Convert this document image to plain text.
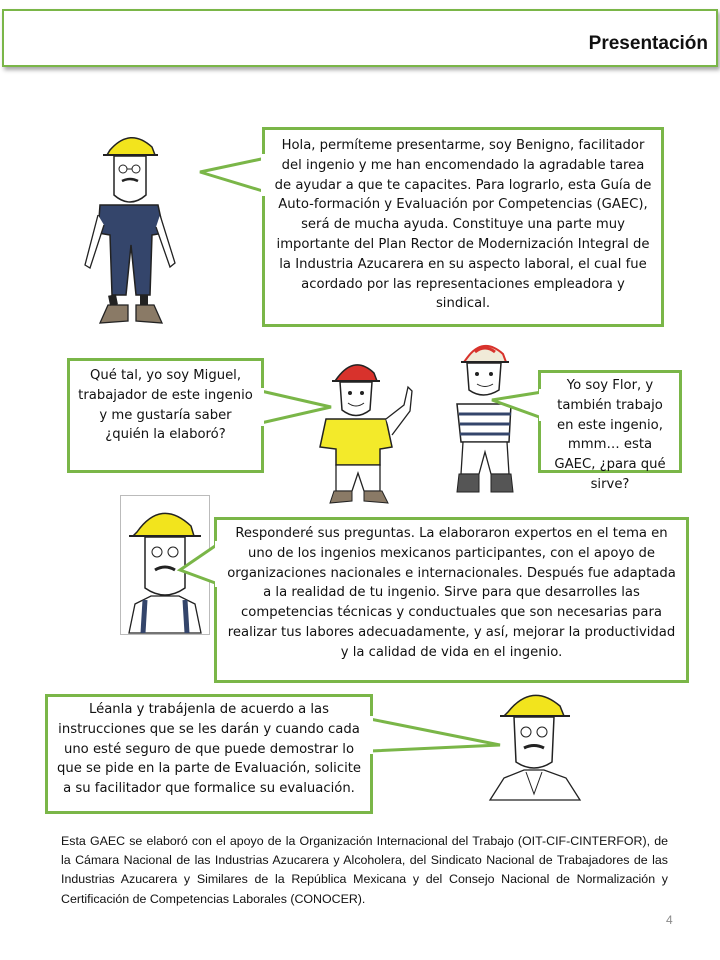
Presentación
Hola, permíteme presentarme, soy Benigno, facilitador del ingenio y me han encomendado la agradable tarea de ayudar a que te capacites. Para lograrlo, esta Guía de Auto-formación y Evaluación por Competencias (GAEC), será de mucha ayuda. Constituye una parte muy importante del Plan Rector de Modernización Integral de la Industria Azucarera en su aspecto laboral, el cual fue acordado por las representaciones empleadora y sindical.
Qué tal, yo soy Miguel, trabajador de este ingenio y me gustaría saber ¿quién la elaboró?
Yo soy Flor, y también trabajo en este ingenio, mmm… esta GAEC, ¿para qué sirve?
Responderé sus preguntas. La elaboraron expertos en el tema en uno de los ingenios mexicanos participantes, con el apoyo de organizaciones nacionales e internacionales. Después fue adaptada a la realidad de tu ingenio. Sirve para que desarrolles las competencias técnicas y conductuales que son necesarias para realizar tus labores adecuadamente, y así, mejorar la productividad y la calidad de vida en el ingenio.
Léanla y trabájenla de acuerdo a las instrucciones que se les darán y cuando cada uno esté seguro de que puede demostrar lo que se pide en la parte de Evaluación, solicite a su facilitador que formalice su evaluación.
Esta GAEC se elaboró con el apoyo de la Organización Internacional del Trabajo (OIT-CIF-CINTERFOR), de la Cámara Nacional de las Industrias Azucarera y Alcoholera, del Sindicato Nacional de Trabajadores de las Industrias Azucarera y Similares de la República Mexicana y del Consejo Nacional de Normalización y Certificación de Competencias Laborales (CONOCER).
4
